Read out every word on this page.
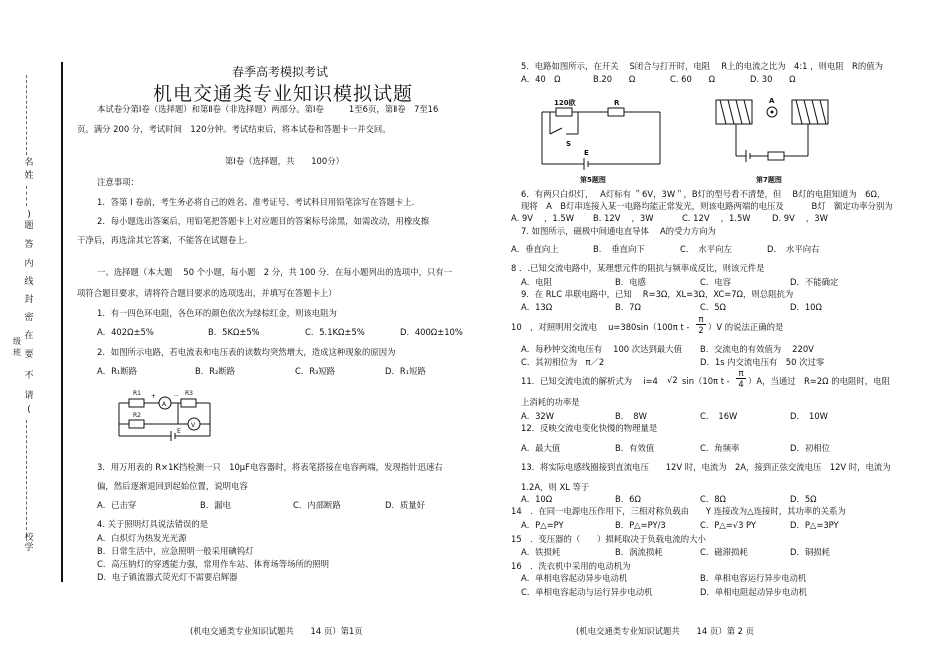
名
姓
)
题
答
内
线
封
密
在
级班 要
不
请
(
校学
春季高考模拟考试
机电交通类专业知识模拟试题
本试卷分第Ⅰ卷（选择题）和第Ⅱ卷（非选择题）两部分。第Ⅰ卷　　　1至6页，第Ⅱ卷　7至16
页。满分 200 分，考试时间　120分钟。考试结束后，将本试卷和答题卡一并交回。
第Ⅰ卷（选择题，共　　100分）
注意事项：
1．答第 Ⅰ 卷前，考生务必将自己的姓名、准考证号、考试科目用铅笔涂写在答题卡上.
2．每小题选出答案后，用铅笔把答题卡上对应题目的答案标号涂黑，如需改动，用橡皮擦
干净后，再选涂其它答案，不能答在试题卷上.
一、选择题（本大题　 50 个小题，每小题　2 分，共 100 分．在每小题列出的选项中，只有一
项符合题目要求，请将符合题目要求的选项选出，并填写在答题卡上）
1．有一四色环电阻，各色环的颜色依次为绿棕红金，则该电阻为
A．402Ω±5%	B．5KΩ±5%	C．5.1KΩ±5%	D．400Ω±10%
2．如图所示电路，若电流表和电压表的读数均突然增大，造成这种现象的原因为
A．R₁断路	B．R₂断路	C．R₃短路	D．R₁短路
R1	R3
R2
A
V
E
+	－
3．用万用表的 R×1K挡检测一只　10μF电容器时，将表笔搭接在电容两端，发现指针迅速右
偏，然后逐渐退回到起始位置，说明电容
A．已击穿	B．漏电	C．内部断路	D．质量好
4. 关于照明灯具说法错误的是
A．白炽灯为热发光光源
B．日常生活中，应急照明一般采用碘钨灯
C．高压钠灯的穿透能力强，常用作车站、体育场等场所的照明
D．电子镇流器式荧光灯不需要启辉器
5．电路如图所示，在开关　 S闭合与打开时，电阻　 R上的电流之比为　4:1 ，则电阻　R的值为
A．40　Ω	B.20　　Ω	C. 60　　Ω	D. 30　　Ω
120欧	R
S
E
第5题图
A
第7题图
6．有两只白炽灯，　 A灯标有 ＂6V，3W＂，B灯的型号看不清楚，但　 B灯的电阻知道为　6Ω，
现将　A　B灯串连接入某一电路均能正常发光，则该电路两端的电压及　　　 B灯　额定功率分别为
A. 9V　 ，1.5W B. 12V　 ，3W	C. 12V　 ，1.5W	D. 9V　 ，3W
7. 如图所示，磁极中间通电直导体　 A的受力方向为
A．垂直向上	B．　垂直向下	C．　水平向左	D．　水平向右
8 ．.已知交流电路中，某理想元件的阻抗与频率成反比，则该元件是
A．电阻	B．电感	C．电容	D．不能确定
9．在 RLC 串联电路中，已知　 R=3Ω，XL=3Ω，XC=7Ω，则总阻抗为
A．13Ω	B．7Ω	C．5Ω	D．10Ω
10　，对照明用交流电　 u=380sin（100π t -
π
2 ）V 的说法正确的是
A．每秒钟交流电压有　 100 次达到最大值 B．交流电的有效值为　 220V
C．其初相位为　π／2	D．1s 内交流电压有　50 次过零
11．已知交流电流的解析式为　 i=4 √2 sin（10π t -
π
4 ）A，当通过　R=2Ω 的电阻时，电阻
上消耗的功率是
A．32W	B．　8W	C．　16W	D．　10W
12．反映交流电变化快慢的物理量是
A．最大值	B．有效值	C．角频率	D．初相位
13．将实际电感线圈接到直流电压　　12V 时，电流为　2A，接到正弦交流电压　12V 时，电流为
1.2A，则 XL 等于
A．10Ω	B．6Ω	C．8Ω	D．5Ω
14　．在同一电源电压作用下，三相对称负载由　　Y 连接改为△连接时，其功率的关系为
A．P△=PY	B．P△=PY/3	C．P△=√3 PY	D．P△=3PY
15　．变压器的（　　）损耗取决于负载电流的大小
A．铁损耗	B．涡流损耗	C．磁滞损耗	D．铜损耗
16　．洗衣机中采用的电动机为
A．单相电容起动异步电动机	B．单相电容运行异步电动机
C．单相电容起动与运行异步电动机	D．单相电阻起动异步电动机
(机电交通类专业知识试题共　　14 页）第1页	(机电交通类专业知识试题共　　14 页）第 2 页
